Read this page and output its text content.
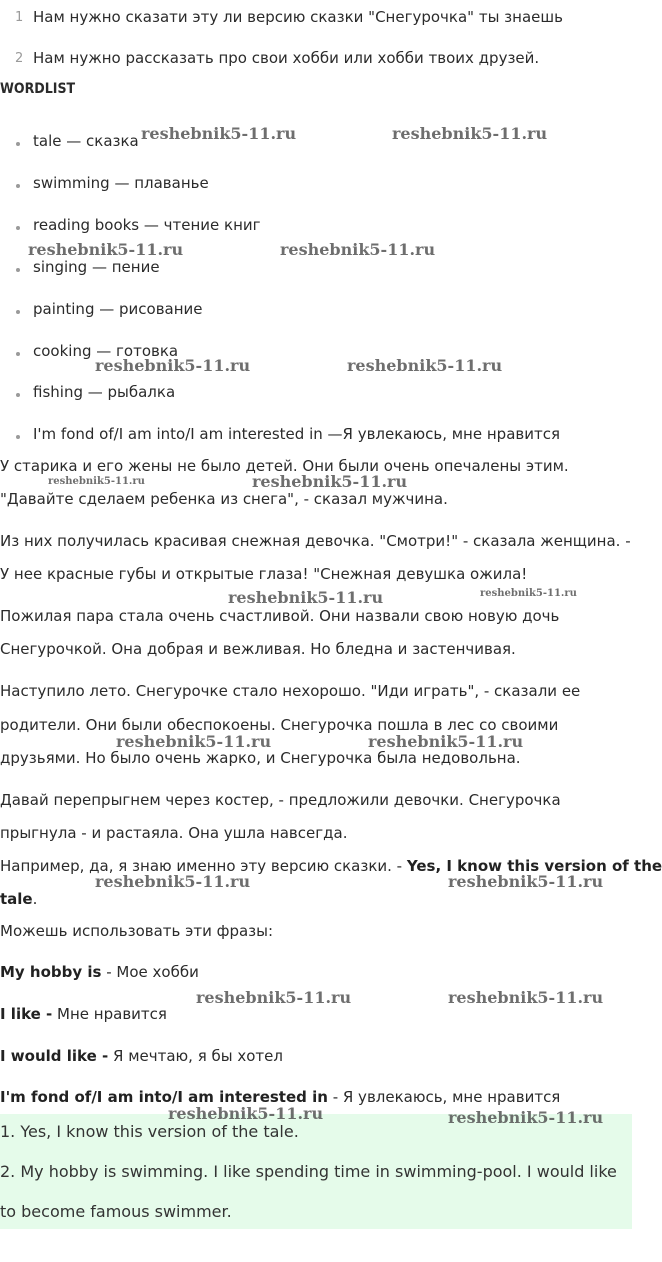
1 Нам нужно сказати эту ли версию сказки "Снегурочка" ты знаешь
2 Нам нужно рассказать про свои хобби или хобби твоих друзей.
WORDLIST
tale — сказка
swimming — плаванье
reading books — чтение книг
singing — пение
painting — рисование
cooking — готовка
fishing — рыбалка
I'm fond of/I am into/I am interested in —Я увлекаюсь, мне нравится
У старика и его жены не было детей. Они были очень опечалены этим.
"Давайте сделаем ребенка из снега", - сказал мужчина.
Из них получилась красивая снежная девочка. "Смотри!" - сказала женщина. -
У нее красные губы и открытые глаза! "Снежная девушка ожила!
Пожилая пара стала очень счастливой. Они назвали свою новую дочь
Снегурочкой. Она добрая и вежливая. Но бледна и застенчивая.
Наступило лето. Снегурочке стало нехорошо. "Иди играть", - сказали ее
родители. Они были обеспокоены. Снегурочка пошла в лес со своими
друзьями. Но было очень жарко, и Снегурочка была недовольна.
Давай перепрыгнем через костер, - предложили девочки. Снегурочка
прыгнула - и растаяла. Она ушла навсегда.
Например, да, я знаю именно эту версию сказки. - Yes, I know this version of the
tale.
Можешь использовать эти фразы:
My hobby is - Мое хобби
I like - Мне нравится
I would like - Я мечтаю, я бы хотел
I'm fond of/I am into/I am interested in - Я увлекаюсь, мне нравится
1. Yes, I know this version of the tale.
2. My hobby is swimming. I like spending time in swimming-pool. I would like
to become famous swimmer.
reshebnik5-11.ru	reshebnik5-11.ru
reshebnik5-11.ru	reshebnik5-11.ru
reshebnik5-11.ru	reshebnik5-11.ru
reshebnik5-11.ru	reshebnik5-11.ru
reshebnik5-11.ru	reshebnik5-11.ru
reshebnik5-11.ru	reshebnik5-11.ru
reshebnik5-11.ru	reshebnik5-11.ru
reshebnik5-11.ru	reshebnik5-11.ru
reshebnik5-11.ru	reshebnik5-11.ru
